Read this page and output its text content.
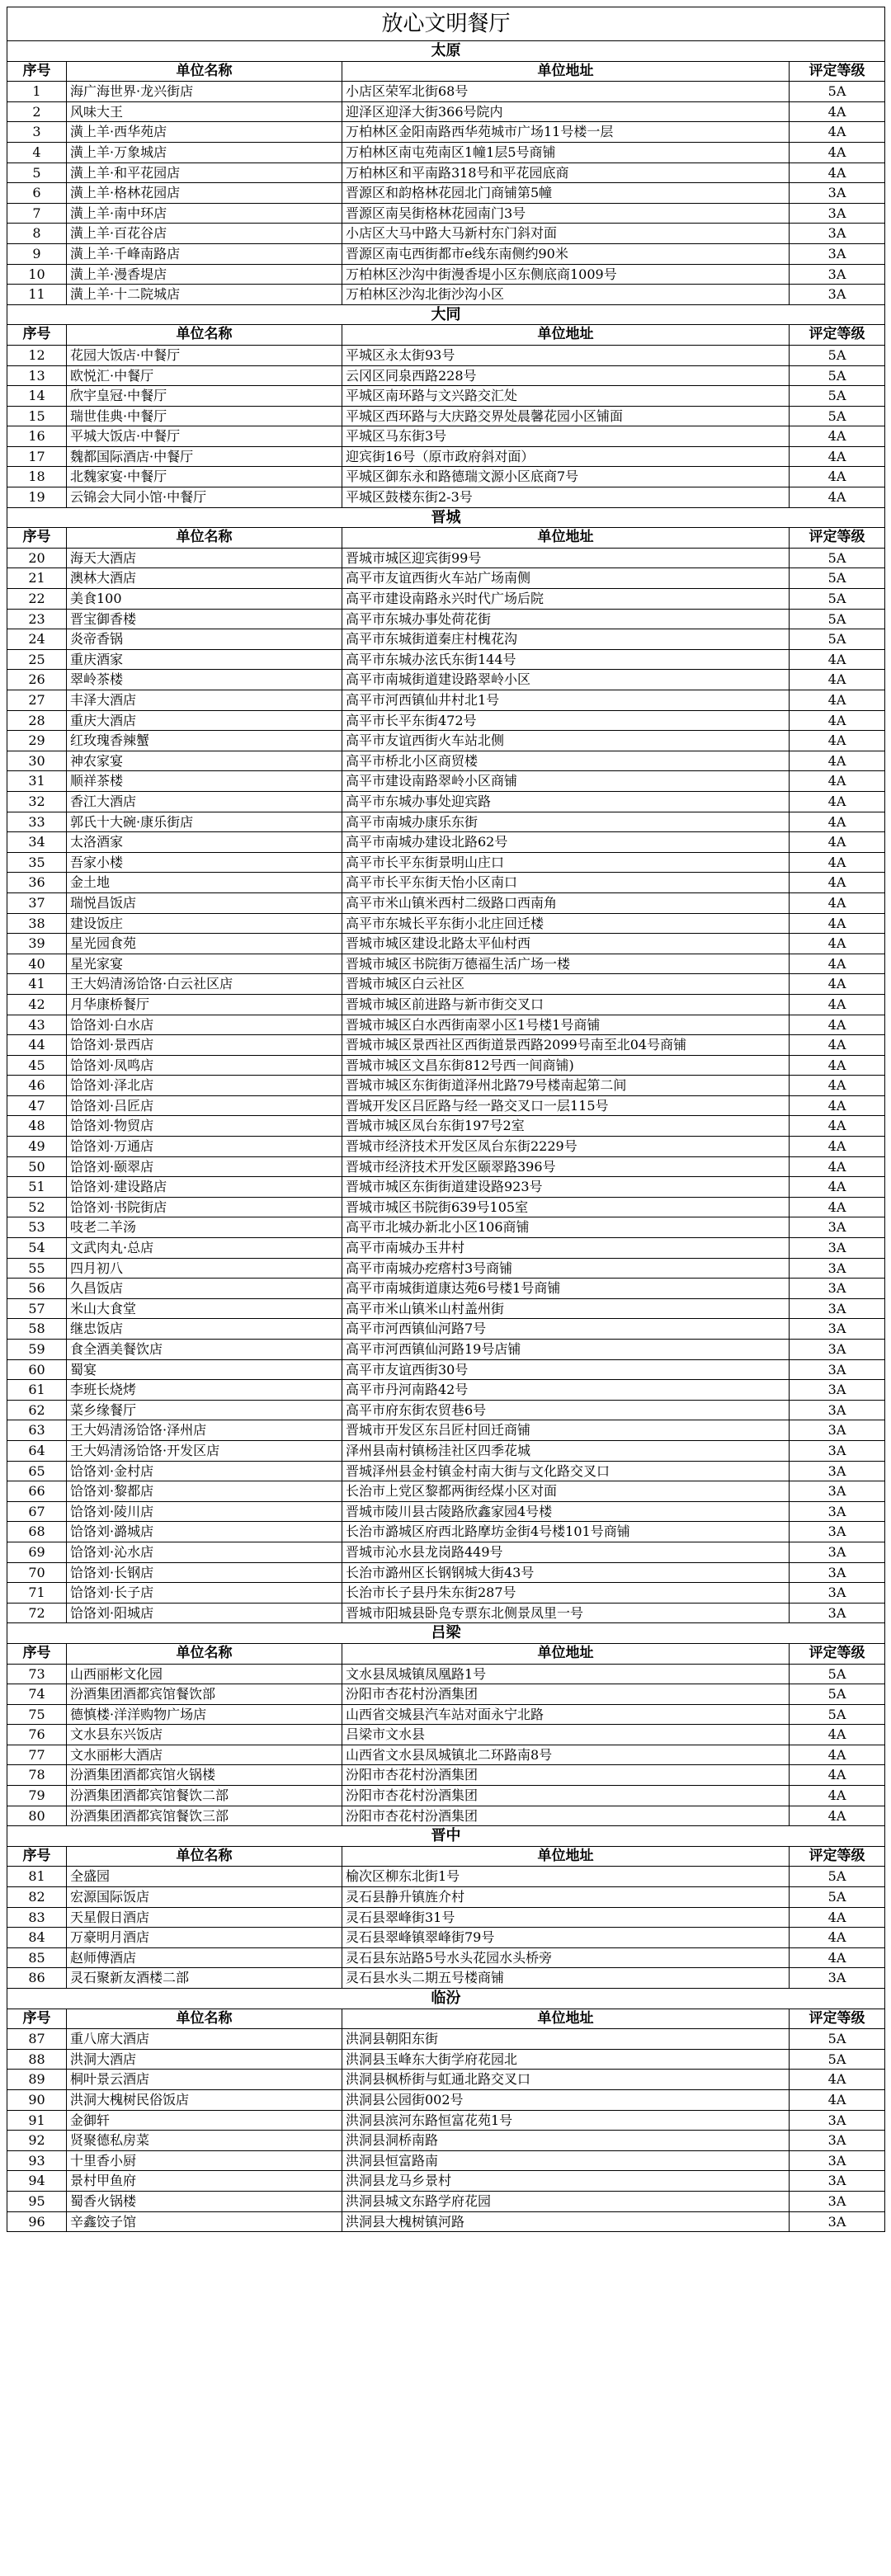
放心文明餐厅			
太原			
序号	单位名称	单位地址	评定等级
1	海广海世界·龙兴街店	小店区荣军北街68号	5A
2	风味大王	迎泽区迎泽大街366号院内	4A
3	潢上羊·西华苑店	万柏林区金阳南路西华苑城市广场11号楼一层	4A
4	潢上羊·万象城店	万柏林区南屯苑南区1幢1层5号商铺	4A
5	潢上羊·和平花园店	万柏林区和平南路318号和平花园底商	4A
6	潢上羊·格林花园店	晋源区和韵格林花园北门商铺第5幢	3A
7	潢上羊·南中环店	晋源区南吴街格林花园南门3号	3A
8	潢上羊·百花谷店	小店区大马中路大马新村东门斜对面	3A
9	潢上羊·千峰南路店	晋源区南屯西街都市e线东南侧约90米	3A
10	潢上羊·漫香堤店	万柏林区沙沟中街漫香堤小区东侧底商1009号	3A
11	潢上羊·十二院城店	万柏林区沙沟北街沙沟小区	3A
大同			
序号	单位名称	单位地址	评定等级
12	花园大饭店·中餐厅	平城区永太街93号	5A
13	欧悦汇·中餐厅	云冈区同泉西路228号	5A
14	欣宇皇冠·中餐厅	平城区南环路与文兴路交汇处	5A
15	瑞世佳典·中餐厅	平城区西环路与大庆路交界处晨馨花园小区铺面	5A
16	平城大饭店·中餐厅	平城区马东街3号	4A
17	魏都国际酒店·中餐厅	迎宾街16号（原市政府斜对面）	4A
18	北魏家宴·中餐厅	平城区御东永和路德瑞文源小区底商7号	4A
19	云锦会大同小馆·中餐厅	平城区鼓楼东街2-3号	4A
晋城			
序号	单位名称	单位地址	评定等级
20	海天大酒店	晋城市城区迎宾街99号	5A
21	澳林大酒店	高平市友谊西街火车站广场南侧	5A
22	美食100	高平市建设南路永兴时代广场后院	5A
23	晋宝御香楼	高平市东城办事处荷花街	5A
24	炎帝香锅	高平市东城街道秦庄村槐花沟	5A
25	重庆酒家	高平市东城办泫氏东街144号	4A
26	翠岭茶楼	高平市南城街道建设路翠岭小区	4A
27	丰泽大酒店	高平市河西镇仙井村北1号	4A
28	重庆大酒店	高平市长平东街472号	4A
29	红玫瑰香辣蟹	高平市友谊西街火车站北侧	4A
30	神农家宴	高平市桥北小区商贸楼	4A
31	顺祥茶楼	高平市建设南路翠岭小区商铺	4A
32	香江大酒店	高平市东城办事处迎宾路	4A
33	郭氏十大碗·康乐街店	高平市南城办康乐东街	4A
34	太洛酒家	高平市南城办建设北路62号	4A
35	吾家小楼	高平市长平东街景明山庄口	4A
36	金土地	高平市长平东街天怡小区南口	4A
37	瑞悦昌饭店	高平市米山镇米西村二级路口西南角	4A
38	建设饭庄	高平市东城长平东街小北庄回迁楼	4A
39	星光园食苑	晋城市城区建设北路太平仙村西	4A
40	星光家宴	晋城市城区书院街万德福生活广场一楼	4A
41	王大妈清汤饸饹·白云社区店	晋城市城区白云社区	4A
42	月华康桥餐厅	晋城市城区前进路与新市街交叉口	4A
43	饸饹刘·白水店	晋城市城区白水西街南翠小区1号楼1号商铺	4A
44	饸饹刘·景西店	晋城市城区景西社区西街道景西路2099号南至北04号商铺	4A
45	饸饹刘·凤鸣店	晋城市城区文昌东街812号西一间商铺)	4A
46	饸饹刘·泽北店	晋城市城区东街街道泽州北路79号楼南起第二间	4A
47	饸饹刘·吕匠店	晋城开发区吕匠路与经一路交叉口一层115号	4A
48	饸饹刘·物贸店	晋城市城区凤台东街197号2室	4A
49	饸饹刘·万通店	晋城市经济技术开发区凤台东街2229号	4A
50	饸饹刘·颐翠店	晋城市经济技术开发区颐翠路396号	4A
51	饸饹刘·建设路店	晋城市城区东街街道建设路923号	4A
52	饸饹刘·书院街店	晋城市城区书院街639号105室	4A
53	吱老二羊汤	高平市北城办新北小区106商铺	3A
54	文武肉丸·总店	高平市南城办玉井村	3A
55	四月初八	高平市南城办疙瘩村3号商铺	3A
56	久昌饭店	高平市南城街道康达苑6号楼1号商铺	3A
57	米山大食堂	高平市米山镇米山村盖州街	3A
58	继忠饭店	高平市河西镇仙河路7号	3A
59	食全酒美餐饮店	高平市河西镇仙河路19号店铺	3A
60	蜀宴	高平市友谊西街30号	3A
61	李班长烧烤	高平市丹河南路42号	3A
62	菜乡缘餐厅	高平市府东街农贸巷6号	3A
63	王大妈清汤饸饹·泽州店	晋城市开发区东吕匠村回迁商铺	3A
64	王大妈清汤饸饹·开发区店	泽州县南村镇杨洼社区四季花城	3A
65	饸饹刘·金村店	晋城泽州县金村镇金村南大街与文化路交叉口	3A
66	饸饹刘·黎都店	长治市上党区黎都两街经煤小区对面	3A
67	饸饹刘·陵川店	晋城市陵川县古陵路欣鑫家园4号楼	3A
68	饸饹刘·潞城店	长治市潞城区府西北路摩坊金街4号楼101号商铺	3A
69	饸饹刘·沁水店	晋城市沁水县龙岗路449号	3A
70	饸饹刘·长钢店	长治市潞州区长钢钢城大街43号	3A
71	饸饹刘·长子店	长治市长子县丹朱东街287号	3A
72	饸饹刘·阳城店	晋城市阳城县卧凫专票东北侧景凤里一号	3A
吕梁			
序号	单位名称	单位地址	评定等级
73	山西丽彬文化园	文水县凤城镇凤凰路1号	5A
74	汾酒集团酒都宾馆餐饮部	汾阳市杏花村汾酒集团	5A
75	德慎楼·洋洋购物广场店	山西省交城县汽车站对面永宁北路	5A
76	文水县东兴饭店	吕梁市文水县	4A
77	文水丽彬大酒店	山西省文水县凤城镇北二环路南8号	4A
78	汾酒集团酒都宾馆火锅楼	汾阳市杏花村汾酒集团	4A
79	汾酒集团酒都宾馆餐饮二部	汾阳市杏花村汾酒集团	4A
80	汾酒集团酒都宾馆餐饮三部	汾阳市杏花村汾酒集团	4A
晋中			
序号	单位名称	单位地址	评定等级
81	全盛园	榆次区柳东北街1号	5A
82	宏源国际饭店	灵石县静升镇旌介村	5A
83	天星假日酒店	灵石县翠峰街31号	4A
84	万豪明月酒店	灵石县翠峰镇翠峰街79号	4A
85	赵师傅酒店	灵石县东站路5号水头花园水头桥旁	4A
86	灵石聚新友酒楼二部	灵石县水头二期五号楼商铺	3A
临汾			
序号	单位名称	单位地址	评定等级
87	重八席大酒店	洪洞县朝阳东街	5A
88	洪洞大酒店	洪洞县玉峰东大街学府花园北	5A
89	桐叶景云酒店	洪洞县枫桥街与虹通北路交叉口	4A
90	洪洞大槐树民俗饭店	洪洞县公园街002号	4A
91	金御轩	洪洞县滨河东路恒富花苑1号	3A
92	贤聚德私房菜	洪洞县洞桥南路	3A
93	十里香小厨	洪洞县恒富路南	3A
94	景村甲鱼府	洪洞县龙马乡景村	3A
95	蜀香火锅楼	洪洞县城文东路学府花园	3A
96	辛鑫饺子馆	洪洞县大槐树镇河路	3A
